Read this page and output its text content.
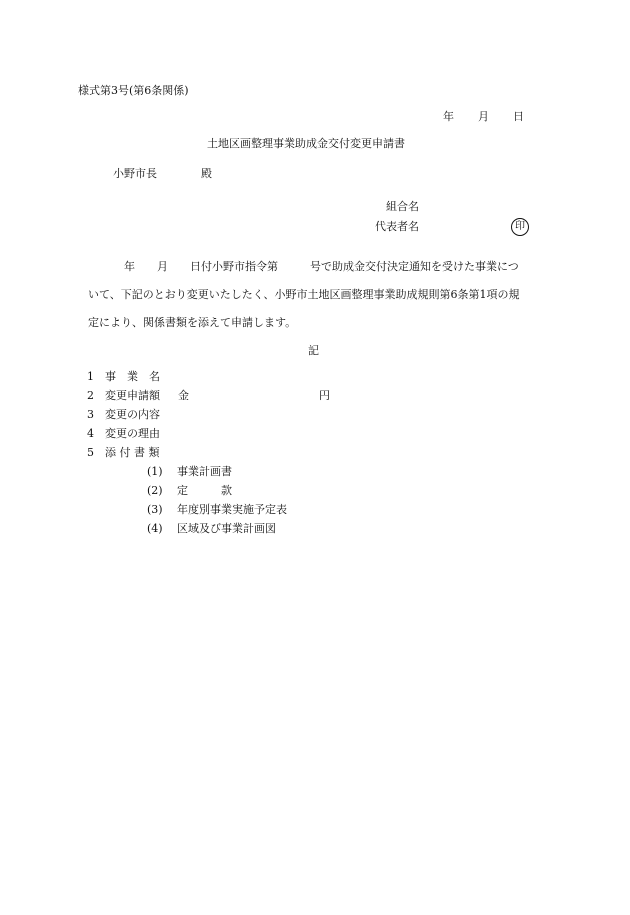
様式第3号(第6条関係)
年 月 日
土地区画整理事業助成金交付変更申請書
小野市長	殿
組合名
代表者名	印
年 月 日付小野市指令第	号で助成金交付決定通知を受けた事業につ
いて、下記のとおり変更いたしたく、小野市土地区画整理事業助成規則第6条第1項の規
定により、関係書類を添えて申請します。
記
1 事　業　名
2 変更申請額 金	円
3 変更の内容
4 変更の理由
5 添 付 書 類
(1) 事業計画書
(2) 定　　　款
(3) 年度別事業実施予定表
(4) 区域及び事業計画図
